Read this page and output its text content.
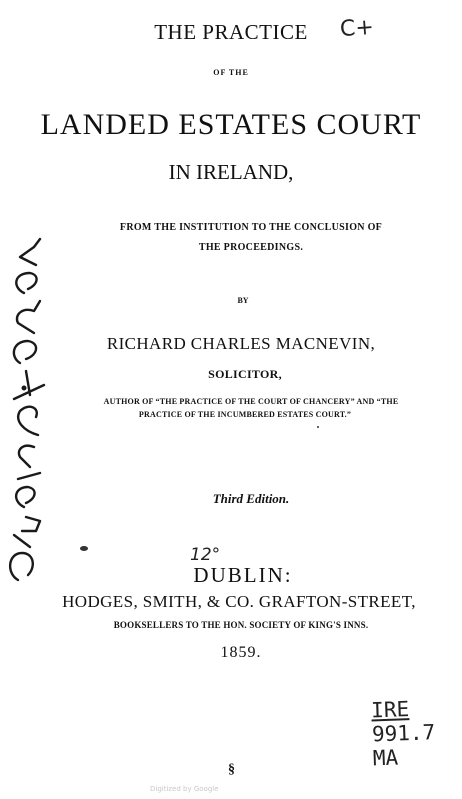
THE PRACTICE	C+
OF THE
LANDED ESTATES COURT
IN IRELAND,
FROM THE INSTITUTION TO THE CONCLUSION OF
THE PROCEEDINGS.
BY
RICHARD CHARLES MACNEVIN,
SOLICITOR,
AUTHOR OF “THE PRACTICE OF THE COURT OF CHANCERY” AND “THE
PRACTICE OF THE INCUMBERED ESTATES COURT.”
Third Edition.
12°
DUBLIN:
HODGES, SMITH, & CO. GRAFTON-STREET,
BOOKSELLERS TO THE HON. SOCIETY OF KING'S INNS.
1859.
IRE
991.7
MA
§
Digitized by Google
